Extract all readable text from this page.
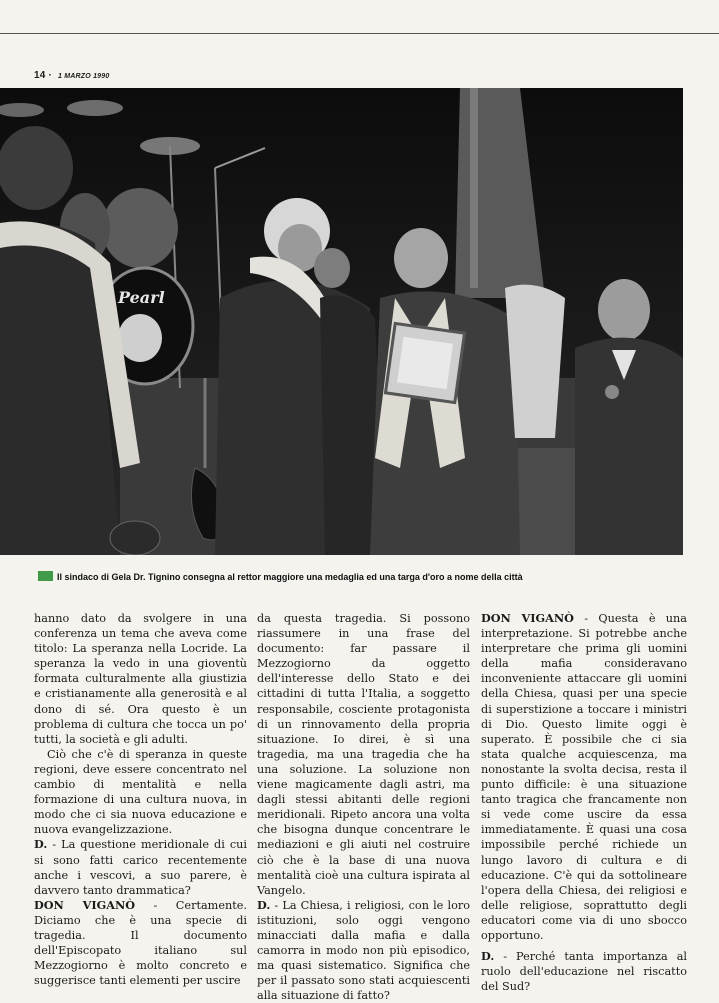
14 · 1 MARZO 1990
Pearl
Il sindaco di Gela Dr. Tignino consegna al rettor maggiore una medaglia ed una targa d'oro a nome della città

hanno dato da svolgere in una conferenza un tema che aveva come titolo: La speranza nella Locride. La speranza la vedo in una gioventù formata culturalmente alla giustizia e cristianamente alla generosità e al dono di sé. Ora questo è un problema di cultura che tocca un po' tutti, la società e gli adulti.

Ciò che c'è di speranza in queste regioni, deve essere concentrato nel cambio di mentalità e nella formazione di una cultura nuova, in modo che ci sia nuova educazione e nuova evangelizzazione.

D. - La questione meridionale di cui si sono fatti carico recentemente anche i vescovi, a suo parere, è davvero tanto drammatica?

DON VIGANÒ - Certamente. Diciamo che è una specie di tragedia. Il documento dell'Episcopato italiano sul Mezzogiorno è molto concreto e suggerisce tanti elementi per uscire

da questa tragedia. Si possono riassumere in una frase del documento: far passare il Mezzogiorno da oggetto dell'interesse dello Stato e dei cittadini di tutta l'Italia, a soggetto responsabile, cosciente protagonista di un rinnovamento della propria situazione. Io direi, è sì una tragedia, ma una tragedia che ha una soluzione. La soluzione non viene magicamente dagli astri, ma dagli stessi abitanti delle regioni meridionali. Ripeto ancora una volta che bisogna dunque concentrare le mediazioni e gli aiuti nel costruire ciò che è la base di una nuova mentalità cioè una cultura ispirata al Vangelo.

D. - La Chiesa, i religiosi, con le loro istituzioni, solo oggi vengono minacciati dalla mafia e dalla camorra in modo non più episodico, ma quasi sistematico. Significa che per il passato sono stati acquiescenti alla situazione di fatto?

DON VIGANÒ - Questa è una interpretazione. Si potrebbe anche interpretare che prima gli uomini della mafia consideravano inconveniente attaccare gli uomini della Chiesa, quasi per una specie di superstizione a toccare i ministri di Dio. Questo limite oggi è superato. È possibile che ci sia stata qualche acquiescenza, ma nonostante la svolta decisa, resta il punto difficile: è una situazione tanto tragica che francamente non si vede come uscire da essa immediatamente. È quasi una cosa impossibile perché richiede un lungo lavoro di cultura e di educazione. C'è qui da sottolineare l'opera della Chiesa, dei religiosi e delle religiose, soprattutto degli educatori come via di uno sbocco opportuno.

D. - Perché tanta importanza al ruolo dell'educazione nel riscatto del Sud?
